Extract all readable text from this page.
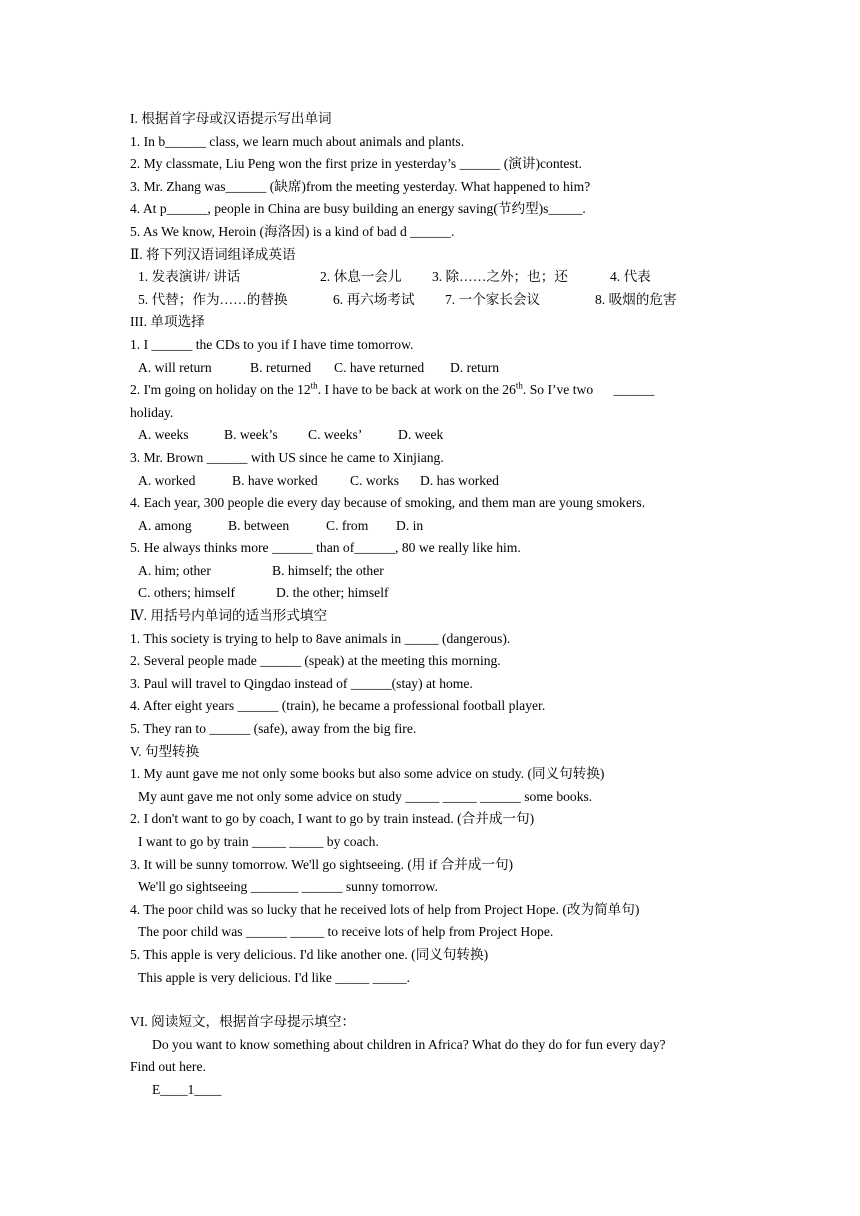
I. 根据首字母或汉语提示写出单词
1. In b______ class, we learn much about animals and plants.
2. My classmate, Liu Peng won the first prize in yesterday’s ______ (演讲)contest.
3. Mr. Zhang was______ (缺席)from the meeting yesterday. What happened to him?
4. At p______, people in China are busy building an energy saving(节约型)s_____.
5. As We know, Heroin (海洛因) is a kind of bad d ______.
Ⅱ. 将下列汉语词组译成英语
1. 发表演讲/ 讲话	2. 休息一会儿 3. 除……之外；也；还	4. 代表
5. 代替；作为……的替换	6. 再六场考试 7. 一个家长会议	8. 吸烟的危害
III. 单项选择
1. I ______ the CDs to you if I have time tomorrow.
A. will return	B. returned C. have returned D. return
2. I'm going on holiday on the 12th. I have to be back at work on the 26th. So I’ve two      ______
holiday.
A. weeks	B. week’s C. weeks’	D. week
3. Mr. Brown ______ with US since he came to Xinjiang.
A. worked	B. have worked C. works D. has worked
4. Each year, 300 people die every day because of smoking, and them man are young smokers.
A. among	B. between	C. from D. in
5. He always thinks more ______ than of______, 80 we really like him.
A. him; other	B. himself; the other
C. others; himself	D. the other; himself
Ⅳ. 用括号内单词的适当形式填空
1. This society is trying to help to 8ave animals in _____ (dangerous).
2. Several people made ______ (speak) at the meeting this morning.
3. Paul will travel to Qingdao instead of ______(stay) at home.
4. After eight years ______ (train), he became a professional football player.
5. They ran to ______ (safe), away from the big fire.
V. 句型转换
1. My aunt gave me not only some books but also some advice on study. (同义句转换)
My aunt gave me not only some advice on study _____ _____ ______ some books.
2. I don't want to go by coach, I want to go by train instead. (合并成一句)
I want to go by train _____ _____ by coach.
3. It will be sunny tomorrow. We'll go sightseeing. (用 if 合并成一句)
We'll go sightseeing _______ ______ sunny tomorrow.
4. The poor child was so lucky that he received lots of help from Project Hope. (改为简单句)
The poor child was ______ _____ to receive lots of help from Project Hope.
5. This apple is very delicious. I'd like another one. (同义句转换)
This apple is very delicious. I'd like _____ _____.
VI. 阅读短文，根据首字母提示填空：
Do you want to know something about children in Africa? What do they do for fun every day?
Find out here.
E____1____
